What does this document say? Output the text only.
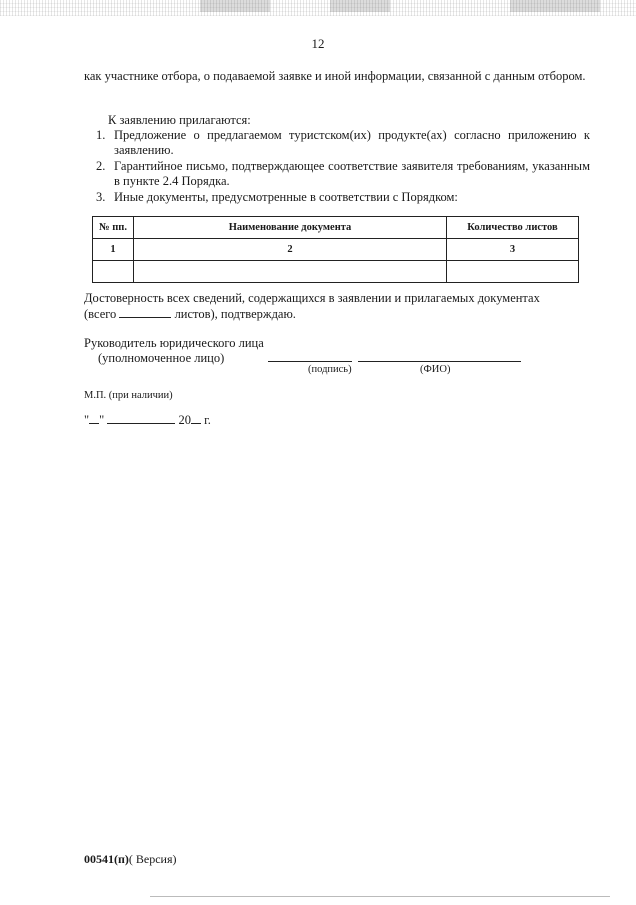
12
как участнике отбора, о подаваемой заявке и иной информации, связанной с данным отбором.
К заявлению прилагаются:
1. Предложение о предлагаемом туристском(их) продукте(ах) согласно приложению к заявлению.
2. Гарантийное письмо, подтверждающее соответствие заявителя требованиям, указанным в пункте 2.4 Порядка.
3. Иные документы, предусмотренные в соответствии с Порядком:
№ пп.	Наименование документа	Количество листов
1	2	3

Достоверность всех сведений, содержащихся в заявлении и прилагаемых документах
(всего	листов), подтверждаю.
Руководитель юридического лица
(уполномоченное лицо)
(подпись)	(ФИО)
М.П. (при наличии)
" "	20 г.
00541(п)( Версия)
